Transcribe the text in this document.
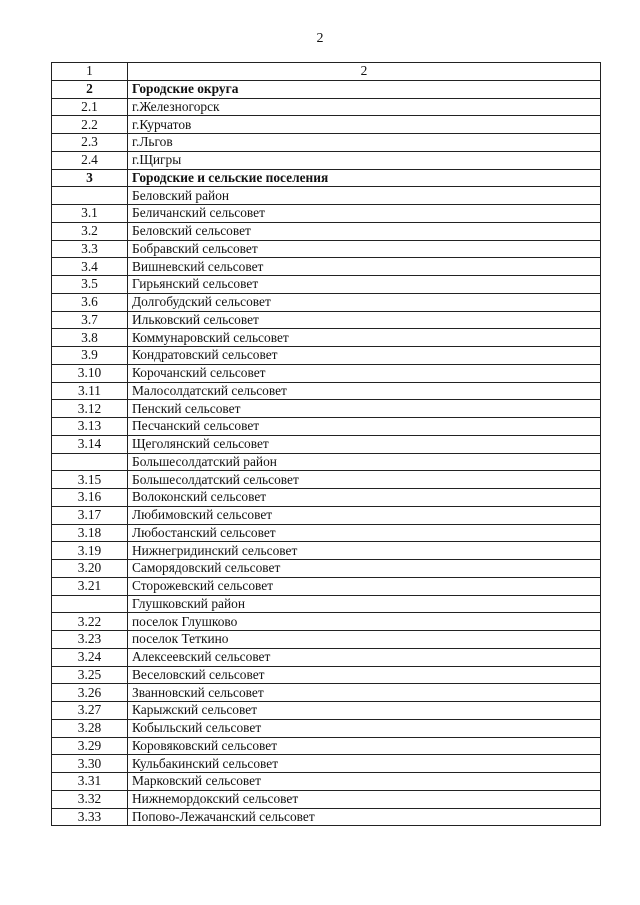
2
1	2
2	Городские округа
2.1	г.Железногорск
2.2	г.Курчатов
2.3	г.Льгов
2.4	г.Щигры
3	Городские и сельские поселения
	Беловский район
3.1	Беличанский сельсовет
3.2	Беловский сельсовет
3.3	Бобравский сельсовет
3.4	Вишневский сельсовет
3.5	Гирьянский сельсовет
3.6	Долгобудский сельсовет
3.7	Ильковский сельсовет
3.8	Коммунаровский сельсовет
3.9	Кондратовский сельсовет
3.10	Корочанский сельсовет
3.11	Малосолдатский сельсовет
3.12	Пенский сельсовет
3.13	Песчанский сельсовет
3.14	Щеголянский сельсовет
	Большесолдатский район
3.15	Большесолдатский сельсовет
3.16	Волоконский сельсовет
3.17	Любимовский сельсовет
3.18	Любостанский сельсовет
3.19	Нижнегридинский сельсовет
3.20	Саморядовский сельсовет
3.21	Сторожевский сельсовет
	Глушковский район
3.22	поселок Глушково
3.23	поселок Теткино
3.24	Алексеевский сельсовет
3.25	Веселовский сельсовет
3.26	Званновский сельсовет
3.27	Карыжский сельсовет
3.28	Кобыльский сельсовет
3.29	Коровяковский сельсовет
3.30	Кульбакинский сельсовет
3.31	Марковский сельсовет
3.32	Нижнемордокский сельсовет
3.33	Попово-Лежачанский сельсовет
